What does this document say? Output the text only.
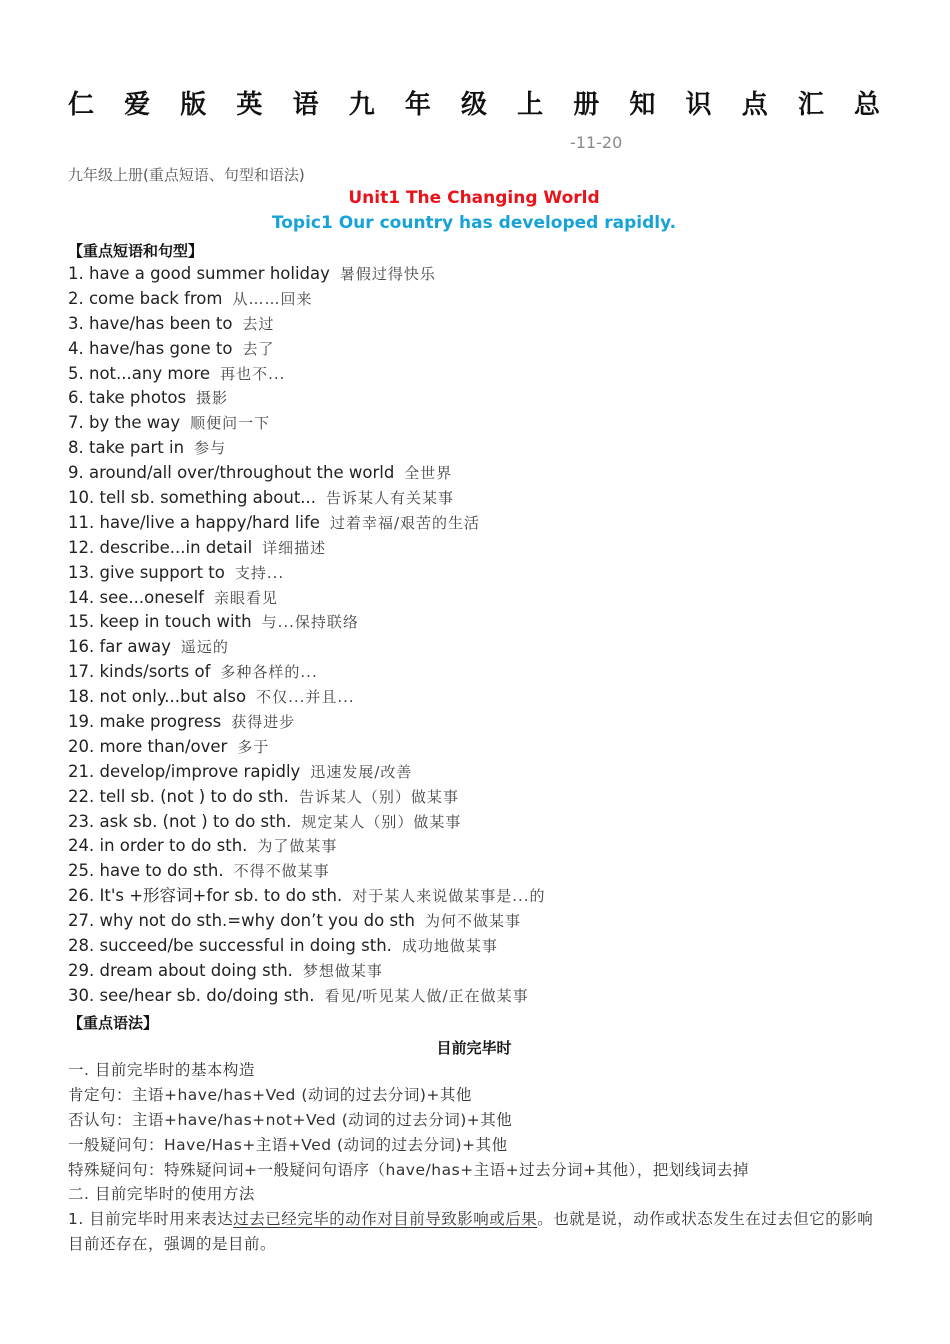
仁 爱 版 英 语 九 年 级 上 册 知 识 点 汇 总
-11-20
九年级上册(重点短语、句型和语法)
Unit1 The Changing World
Topic1 Our country has developed rapidly.
【重点短语和句型】
1. have a good summer holiday 暑假过得快乐
2. come back from 从……回来
3. have/has been to 去过
4. have/has gone to 去了
5. not...any more 再也不...
6. take photos 摄影
7. by the way 顺便问一下
8. take part in 参与
9. around/all over/throughout the world 全世界
10. tell sb. something about... 告诉某人有关某事
11. have/live a happy/hard life 过着幸福/艰苦的生活
12. describe...in detail 详细描述
13. give support to 支持...
14. see...oneself 亲眼看见
15. keep in touch with 与...保持联络
16. far away 遥远的
17. kinds/sorts of 多种各样的...
18. not only...but also 不仅...并且...
19. make progress 获得进步
20. more than/over 多于
21. develop/improve rapidly 迅速发展/改善
22. tell sb. (not ) to do sth. 告诉某人（别）做某事
23. ask sb. (not ) to do sth. 规定某人（别）做某事
24. in order to do sth. 为了做某事
25. have to do sth. 不得不做某事
26. It's +形容词+for sb. to do sth. 对于某人来说做某事是...的
27. why not do sth.=why don’t you do sth 为何不做某事
28. succeed/be successful in doing sth. 成功地做某事
29. dream about doing sth. 梦想做某事
30. see/hear sb. do/doing sth. 看见/听见某人做/正在做某事
【重点语法】
目前完毕时
一. 目前完毕时的基本构造
肯定句：主语+have/has+Ved (动词的过去分词)+其他
否认句：主语+have/has+not+Ved (动词的过去分词)+其他
一般疑问句：Have/Has+主语+Ved (动词的过去分词)+其他
特殊疑问句：特殊疑问词+一般疑问句语序（have/has+主语+过去分词+其他），把划线词去掉
二. 目前完毕时的使用方法
1. 目前完毕时用来表达过去已经完毕的动作对目前导致影响或后果。也就是说，动作或状态发生在过去但它的影响目前还存在，强调的是目前。
